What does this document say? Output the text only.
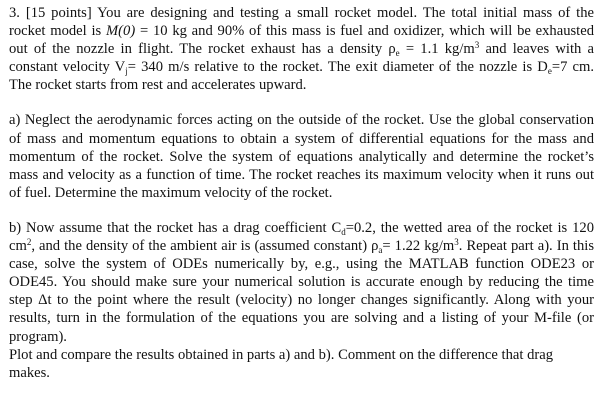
3. [15 points] You are designing and testing a small rocket model. The total initial mass of the rocket model is M(0) = 10 kg and 90% of this mass is fuel and oxidizer, which will be exhausted out of the nozzle in flight. The rocket exhaust has a density $\rho_e = 1.1$ $kg/m^3$ and leaves with a constant velocity $V_j= 340$ m/s relative to the rocket. The exit diameter of the nozzle is $D_e=7$ cm. The rocket starts from rest and accelerates upward.

a) Neglect the aerodynamic forces acting on the outside of the rocket. Use the global conservation of mass and momentum equations to obtain a system of differential equations for the mass and momentum of the rocket. Solve the system of equations analytically and determine the rocket’s mass and velocity as a function of time. The rocket reaches its maximum velocity when it runs out of fuel. Determine the maximum velocity of the rocket.

b) Now assume that the rocket has a drag coefficient $C_d=0.2$, the wetted area of the rocket is 120 $cm^2$, and the density of the ambient air is (assumed constant) $\rho_a= 1.22$ $kg/m^3$. Repeat part a). In this case, solve the system of ODEs numerically by, e.g., using the MATLAB function ODE23 or ODE45. You should make sure your numerical solution is accurate enough by reducing the time step Δt to the point where the result (velocity) no longer changes significantly. Along with your results, turn in the formulation of the equations you are solving and a listing of your M-file (or program).

Plot and compare the results obtained in parts a) and b). Comment on the difference that drag makes.
